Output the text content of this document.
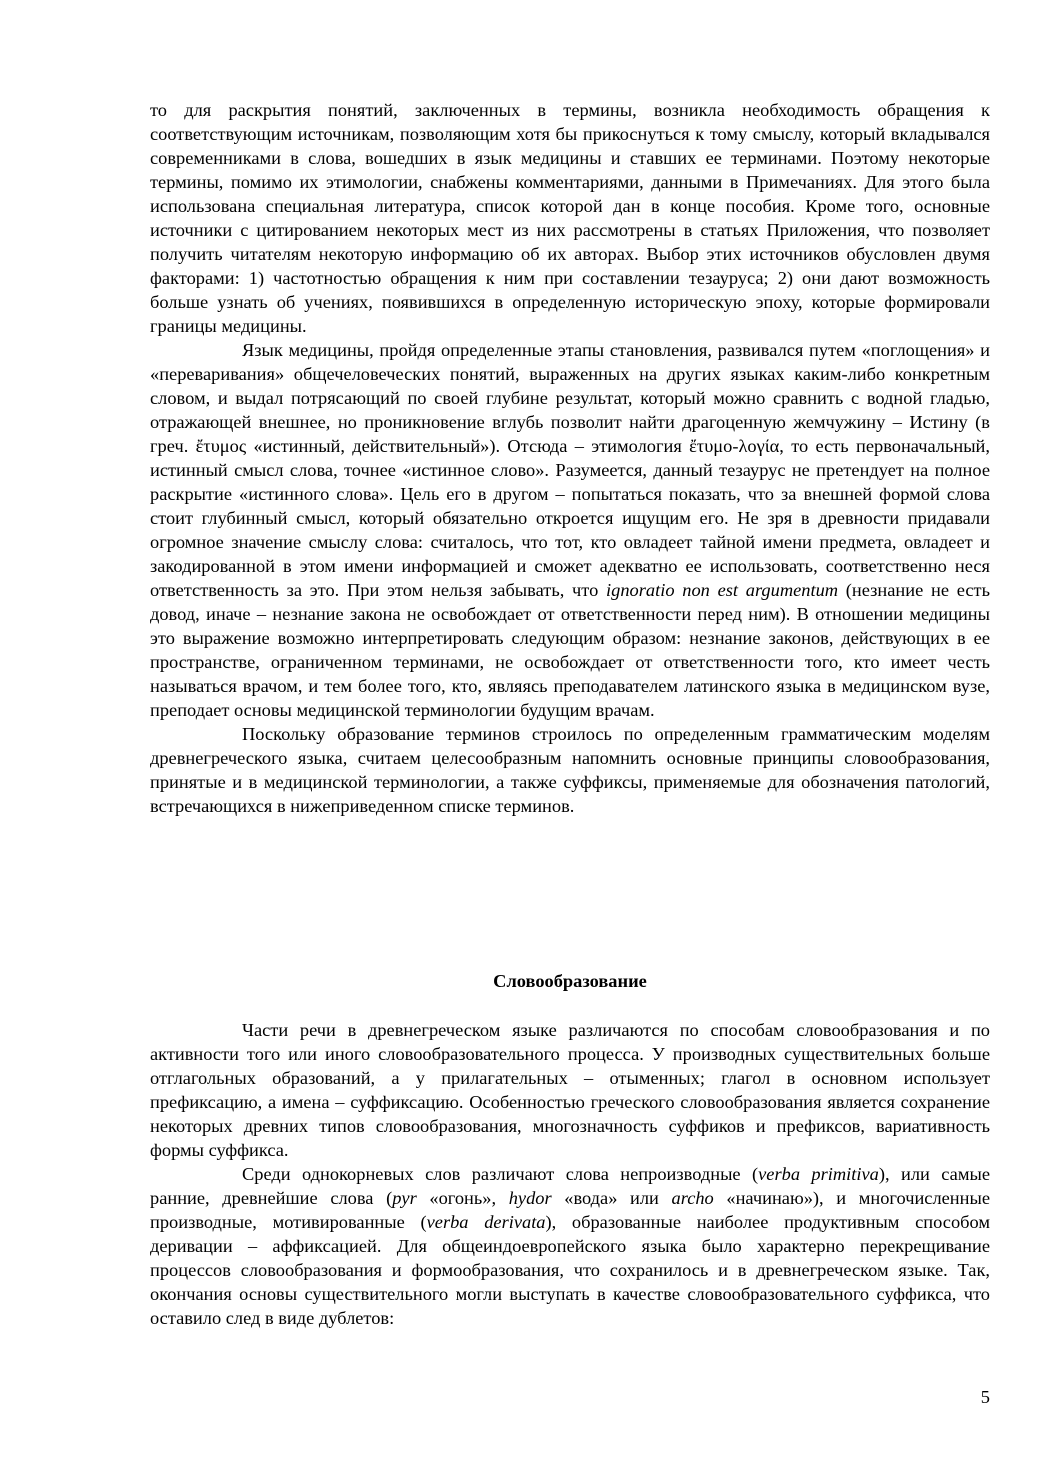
то для раскрытия понятий, заключенных в термины, возникла необходимость обращения к соответствующим источникам, позволяющим хотя бы прикоснуться к тому смыслу, который вкладывался современниками в слова, вошедших в язык медицины и ставших ее терминами. Поэтому некоторые термины, помимо их этимологии, снабжены комментариями, данными в Примечаниях. Для этого была использована специальная литература, список которой дан в конце пособия. Кроме того, основные источники с цитированием некоторых мест из них рассмотрены в статьях Приложения, что позволяет получить читателям некоторую информацию об их авторах. Выбор этих источников обусловлен двумя факторами: 1) частотностью обращения к ним при составлении тезауруса; 2) они дают возможность больше узнать об учениях, появившихся в определенную историческую эпоху, которые формировали границы медицины.

Язык медицины, пройдя определенные этапы становления, развивался путем «поглощения» и «переваривания» общечеловеческих понятий, выраженных на других языках каким-либо конкретным словом, и выдал потрясающий по своей глубине результат, который можно сравнить с водной гладью, отражающей внешнее, но проникновение вглубь позволит найти драгоценную жемчужину – Истину (в греч. ἔτυμος «истинный, действительный»). Отсюда – этимология ἔτυμο-λογία, то есть первоначальный, истинный смысл слова, точнее «истинное слово». Разумеется, данный тезаурус не претендует на полное раскрытие «истинного слова». Цель его в другом – попытаться показать, что за внешней формой слова стоит глубинный смысл, который обязательно откроется ищущим его. Не зря в древности придавали огромное значение смыслу слова: считалось, что тот, кто овладеет тайной имени предмета, овладеет и закодированной в этом имени информацией и сможет адекватно ее использовать, соответственно неся ответственность за это. При этом нельзя забывать, что ignoratio non est argumentum (незнание не есть довод, иначе – незнание закона не освобождает от ответственности перед ним). В отношении медицины это выражение возможно интерпретировать следующим образом: незнание законов, действующих в ее пространстве, ограниченном терминами, не освобождает от ответственности того, кто имеет честь называться врачом, и тем более того, кто, являясь преподавателем латинского языка в медицинском вузе, преподает основы медицинской терминологии будущим врачам.

Поскольку образование терминов строилось по определенным грамматическим моделям древнегреческого языка, считаем целесообразным напомнить основные принципы словообразования, принятые и в медицинской терминологии, а также суффиксы, применяемые для обозначения патологий, встречающихся в нижеприведенном списке терминов.

Словообразование

Части речи в древнегреческом языке различаются по способам словообразования и по активности того или иного словообразовательного процесса. У производных существительных больше отглагольных образований, а у прилагательных – отыменных; глагол в основном использует префиксацию, а имена – суффиксацию. Особенностью греческого словообразования является сохранение некоторых древних типов словообразования, многозначность суффиков и префиксов, вариативность формы суффикса.

Среди однокорневых слов различают слова непроизводные (verba primitiva), или самые ранние, древнейшие слова (pyr «огонь», hydor «вода» или archo «начинаю»), и многочисленные производные, мотивированные (verba derivata), образованные наиболее продуктивным способом деривации – аффиксацией. Для общеиндоевропейского языка было характерно перекрещивание процессов словообразования и формообразования, что сохранилось и в древнегреческом языке. Так, окончания основы существительного могли выступать в качестве словообразовательного суффикса, что оставило след в виде дублетов:

5
